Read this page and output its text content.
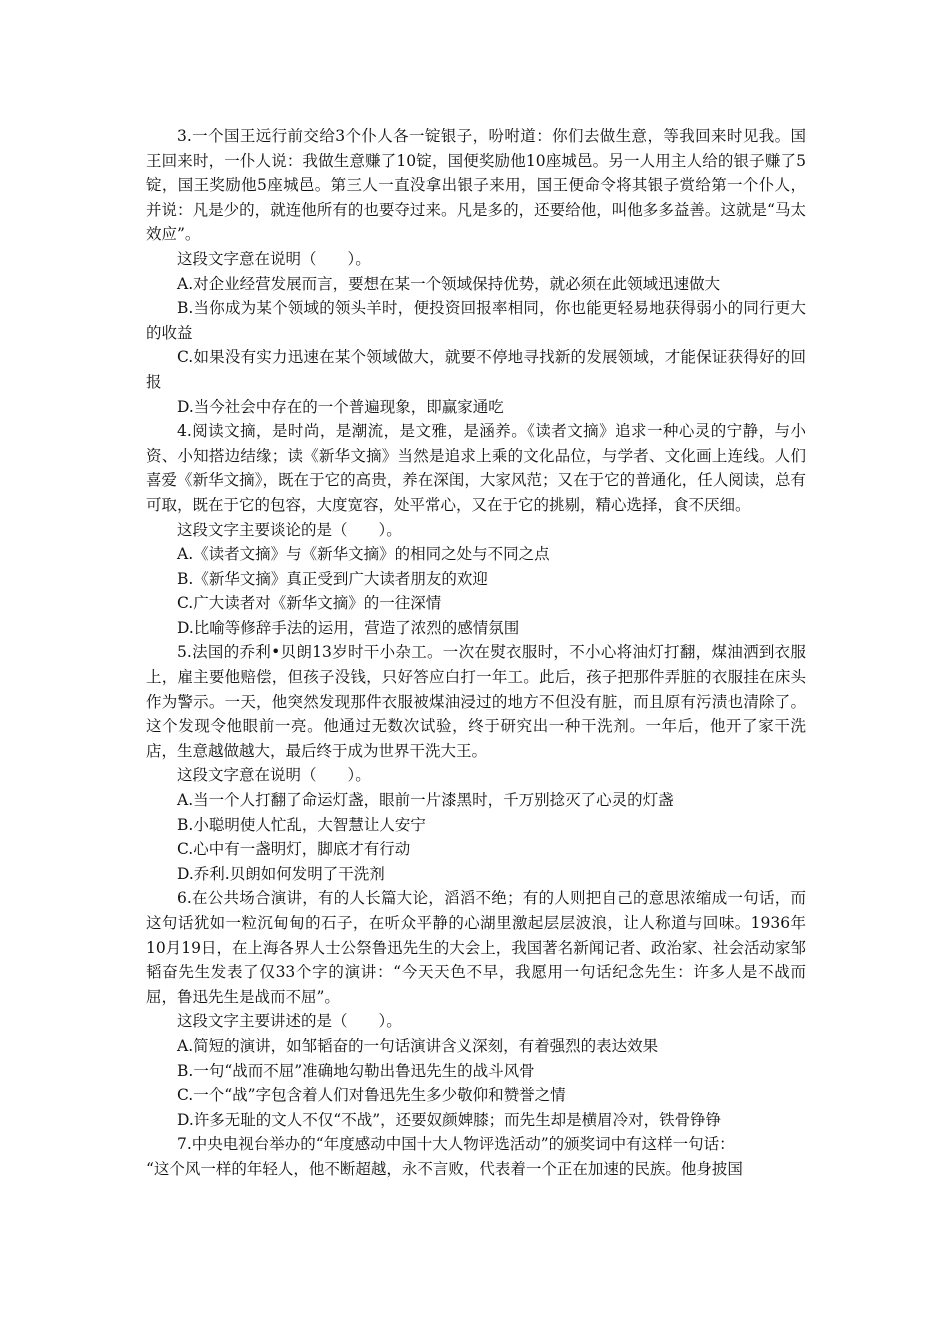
3.一个国王远行前交给3个仆人各一锭银子，吩咐道：你们去做生意，等我回来时见我。国王回来时，一仆人说：我做生意赚了10锭，国便奖励他10座城邑。另一人用主人给的银子赚了5锭，国王奖励他5座城邑。第三人一直没拿出银子来用，国王便命令将其银子赏给第一个仆人，并说：凡是少的，就连他所有的也要夺过来。凡是多的，还要给他，叫他多多益善。这就是“马太效应”。

这段文字意在说明（　　）。

A.对企业经营发展而言，要想在某一个领域保持优势，就必须在此领域迅速做大

B.当你成为某个领域的领头羊时，便投资回报率相同，你也能更轻易地获得弱小的同行更大的收益

C.如果没有实力迅速在某个领域做大，就要不停地寻找新的发展领域，才能保证获得好的回报

D.当今社会中存在的一个普遍现象，即赢家通吃

4.阅读文摘，是时尚，是潮流，是文雅，是涵养。《读者文摘》追求一种心灵的宁静，与小资、小知搭边结缘；读《新华文摘》当然是追求上乘的文化品位，与学者、文化画上连线。人们喜爱《新华文摘》，既在于它的高贵，养在深闺，大家风范；又在于它的普通化，任人阅读，总有可取，既在于它的包容，大度宽容，处平常心，又在于它的挑剔，精心选择，食不厌细。

这段文字主要谈论的是（　　）。

A.《读者文摘》与《新华文摘》的相同之处与不同之点

B.《新华文摘》真正受到广大读者朋友的欢迎

C.广大读者对《新华文摘》的一往深情

D.比喻等修辞手法的运用，营造了浓烈的感情氛围

5.法国的乔利•贝朗13岁时干小杂工。一次在熨衣服时，不小心将油灯打翻，煤油洒到衣服上，雇主要他赔偿，但孩子没钱，只好答应白打一年工。此后，孩子把那件弄脏的衣服挂在床头作为警示。一天，他突然发现那件衣服被煤油浸过的地方不但没有脏，而且原有污渍也清除了。这个发现令他眼前一亮。他通过无数次试验，终于研究出一种干洗剂。一年后，他开了家干洗店，生意越做越大，最后终于成为世界干洗大王。

这段文字意在说明（　　）。

A.当一个人打翻了命运灯盏，眼前一片漆黑时，千万别捻灭了心灵的灯盏

B.小聪明使人忙乱，大智慧让人安宁

C.心中有一盏明灯，脚底才有行动

D.乔利.贝朗如何发明了干洗剂

6.在公共场合演讲，有的人长篇大论，滔滔不绝；有的人则把自己的意思浓缩成一句话，而这句话犹如一粒沉甸甸的石子，在听众平静的心湖里激起层层波浪，让人称道与回味。1936年10月19日，在上海各界人士公祭鲁迅先生的大会上，我国著名新闻记者、政治家、社会活动家邹韬奋先生发表了仅33个字的演讲：“今天天色不早，我愿用一句话纪念先生：许多人是不战而屈，鲁迅先生是战而不屈”。

这段文字主要讲述的是（　　）。

A.简短的演讲，如邹韬奋的一句话演讲含义深刻，有着强烈的表达效果

B.一句“战而不屈”准确地勾勒出鲁迅先生的战斗风骨

C.一个“战”字包含着人们对鲁迅先生多少敬仰和赞誉之情

D.许多无耻的文人不仅“不战”，还要奴颜婢膝；而先生却是横眉冷对，铁骨铮铮

7.中央电视台举办的“年度感动中国十大人物评选活动”的颁奖词中有这样一句话：

“这个风一样的年轻人，他不断超越，永不言败，代表着一个正在加速的民族。他身披国
